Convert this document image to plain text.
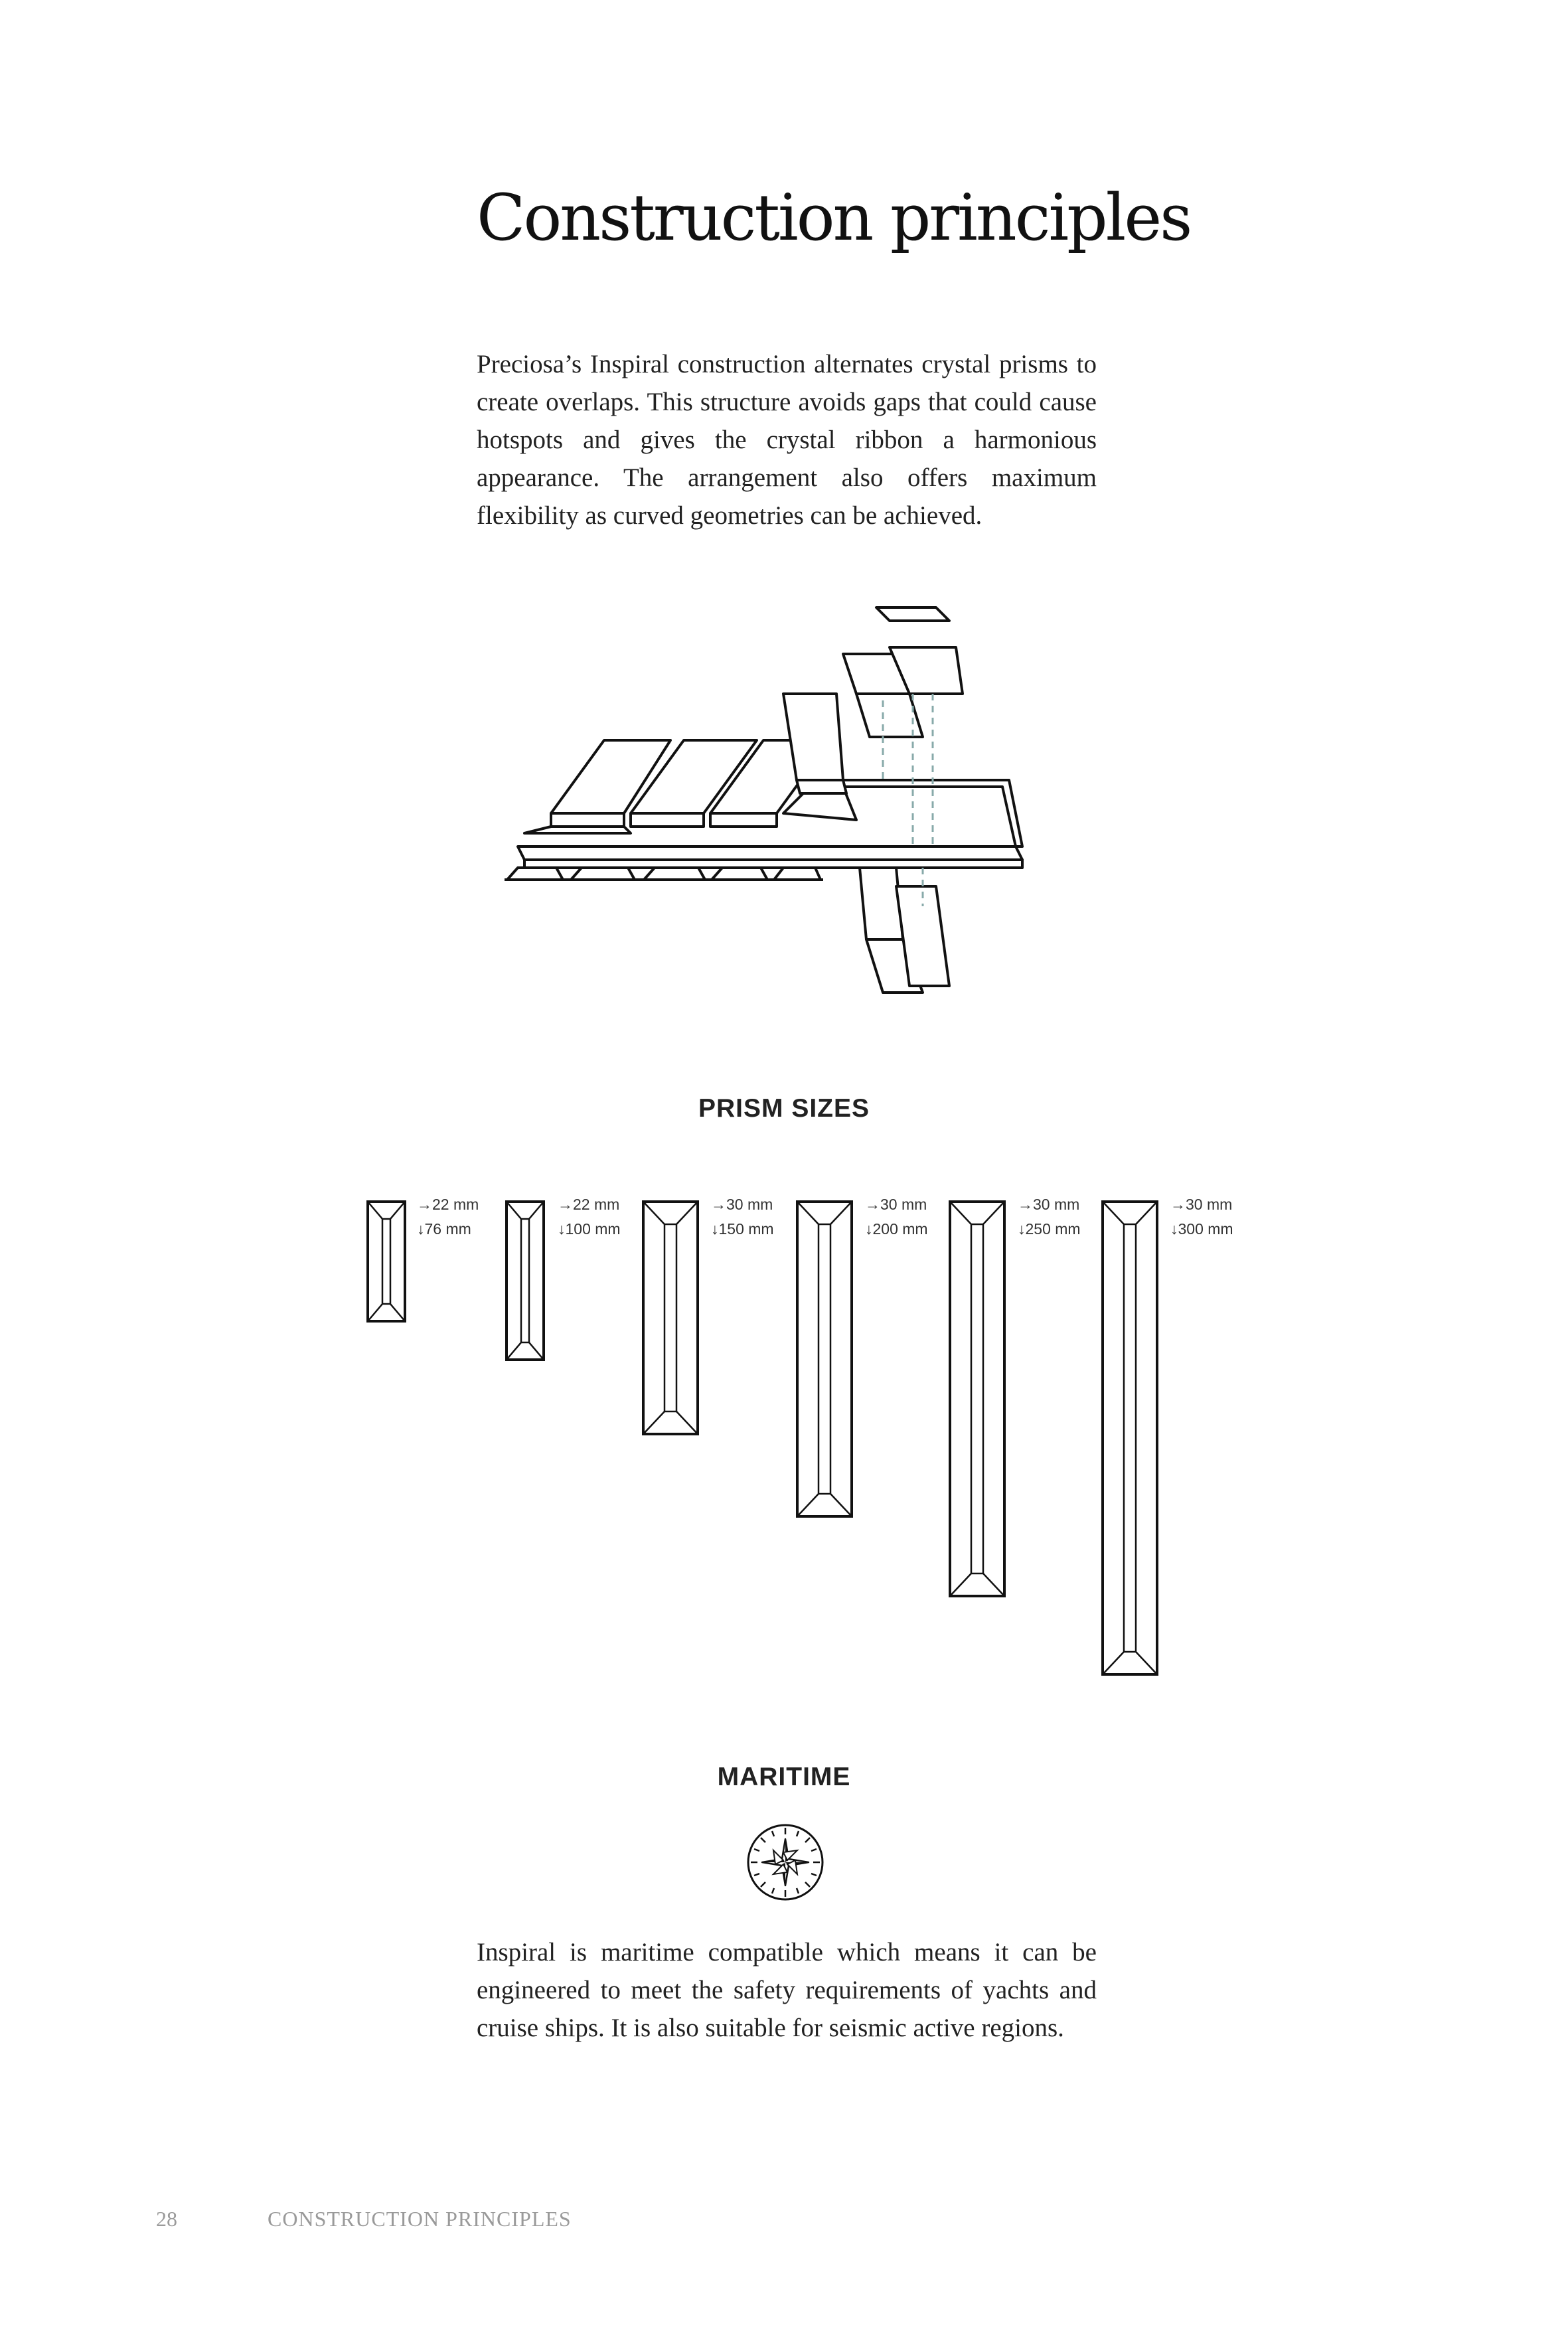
Construction principles

Preciosa’s Inspiral construction alternates crystal prisms to create overlaps. This structure avoids gaps that could cause hotspots and gives the crystal ribbon a harmonious appearance. The arrangement also offers maximum flexibility as curved geometries can be achieved.

PRISM SIZES
→22 mm
↓76 mm
→22 mm
↓100 mm
→30 mm
↓150 mm
→30 mm
↓200 mm
→30 mm
↓250 mm
→30 mm
↓300 mm
MARITIME

Inspiral is maritime compatible which means it can be engineered to meet the safety requirements of yachts and cruise ships. It is also suitable for seismic active regions.

28	CONSTRUCTION PRINCIPLES
